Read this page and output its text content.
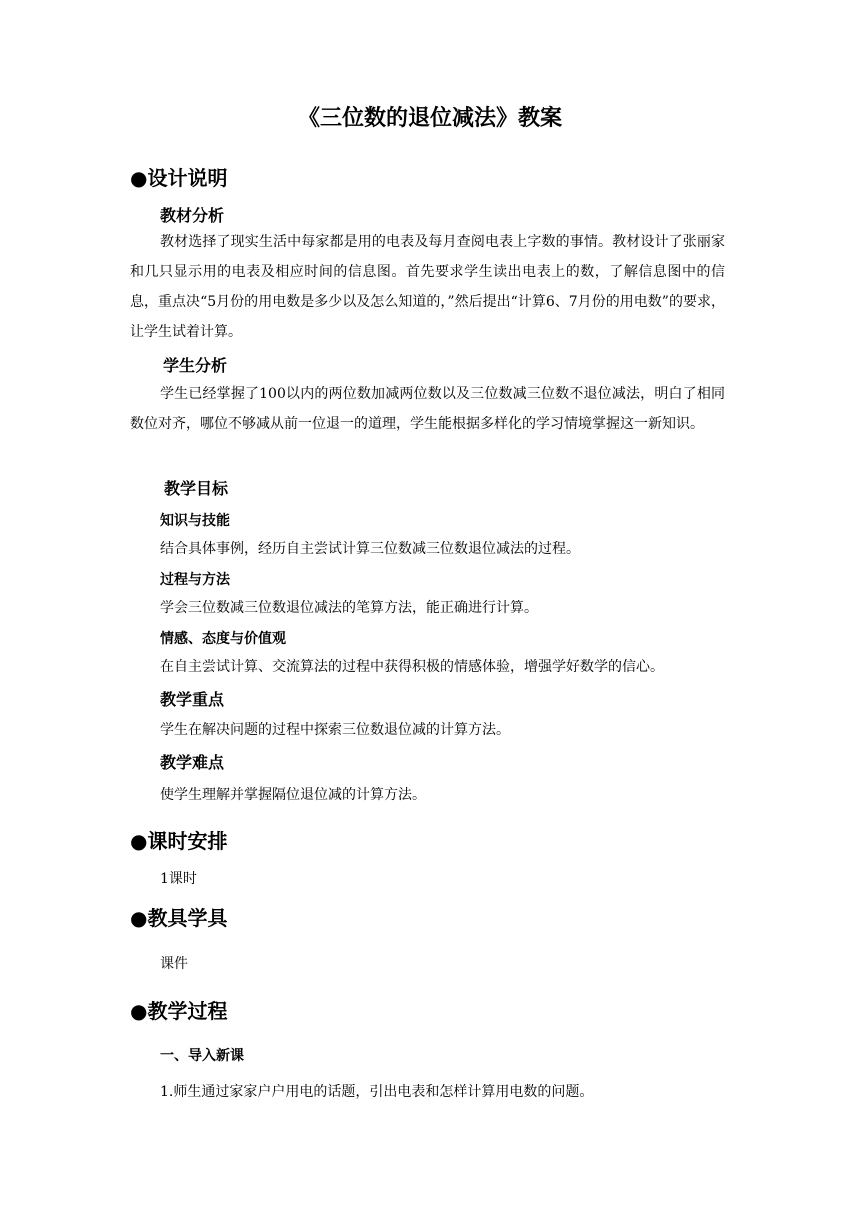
《三位数的退位减法》教案
●设计说明
教材分析
教材选择了现实生活中每家都是用的电表及每月查阅电表上字数的事情。教材设计了张丽家和几只显示用的电表及相应时间的信息图。首先要求学生读出电表上的数，了解信息图中的信息，重点决“5月份的用电数是多少以及怎么知道的，”然后提出“计算6、7月份的用电数”的要求，让学生试着计算。
学生分析
学生已经掌握了100以内的两位数加减两位数以及三位数减三位数不退位减法，明白了相同数位对齐，哪位不够减从前一位退一的道理，学生能根据多样化的学习情境掌握这一新知识。
教学目标
知识与技能
结合具体事例，经历自主尝试计算三位数减三位数退位减法的过程。
过程与方法
学会三位数减三位数退位减法的笔算方法，能正确进行计算。
情感、态度与价值观
在自主尝试计算、交流算法的过程中获得积极的情感体验，增强学好数学的信心。
教学重点
学生在解决问题的过程中探索三位数退位减的计算方法。
教学难点
使学生理解并掌握隔位退位减的计算方法。
●课时安排
1课时
●教具学具
课件
●教学过程
一、导入新课
1.师生通过家家户户用电的话题，引出电表和怎样计算用电数的问题。
